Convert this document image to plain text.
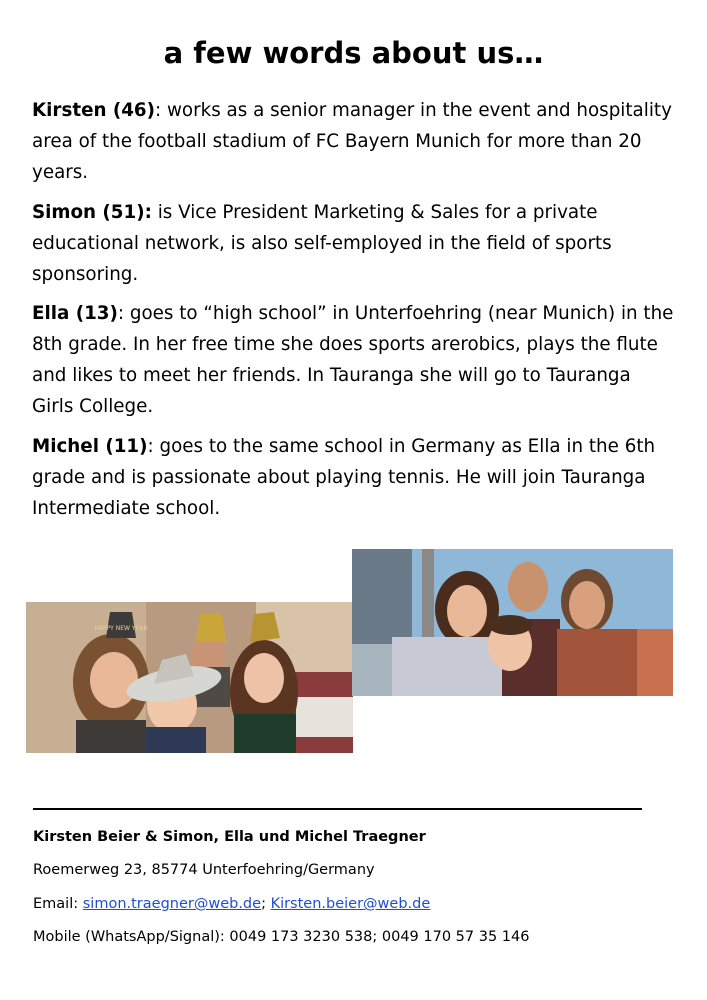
a few words about us…

Kirsten (46): works as a senior manager in the event and hospitality area of the football stadium of FC Bayern Munich for more than 20 years.

Simon (51): is Vice President Marketing & Sales for a private educational network, is also self-employed in the field of sports sponsoring.

Ella (13): goes to “high school” in Unterfoehring (near Munich) in the 8th grade. In her free time she does sports arerobics, plays the flute and likes to meet her friends. In Tauranga she will go to Tauranga Girls College.

Michel (11): goes to the same school in Germany as Ella in the 6th grade and is passionate about playing tennis. He will join Tauranga Intermediate school.

HAPPY NEW YEAR

Kirsten Beier & Simon, Ella und Michel Traegner

Roemerweg 23, 85774 Unterfoehring/Germany

Email: simon.traegner@web.de; Kirsten.beier@web.de

Mobile (WhatsApp/Signal): 0049 173 3230 538; 0049 170 57 35 146
